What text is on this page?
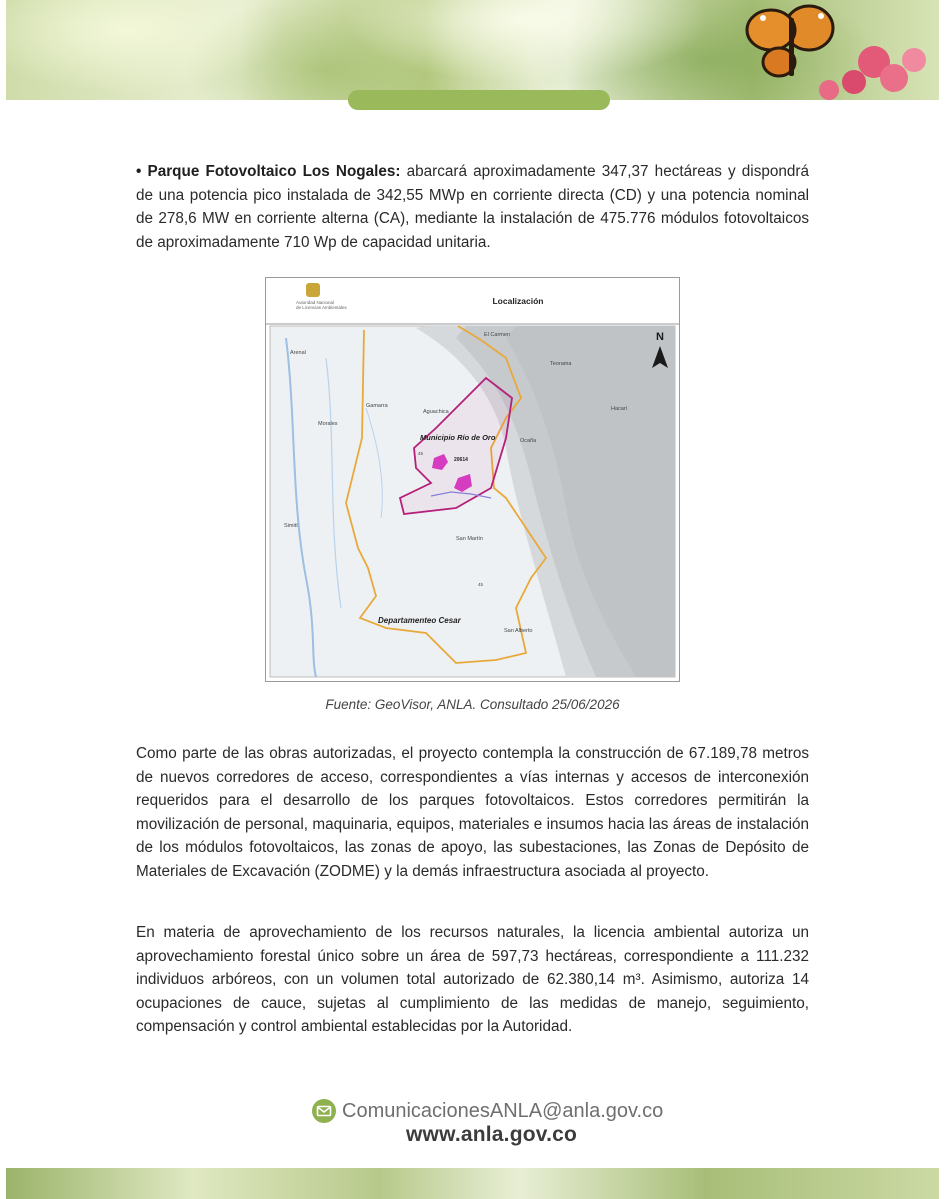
• Parque Fotovoltaico Los Nogales: abarcará aproximadamente 347,37 hectáreas y dispondrá de una potencia pico instalada de 342,55 MWp en corriente directa (CD) y una potencia nominal de 278,6 MW en corriente alterna (CA), mediante la instalación de 475.776 módulos fotovoltaicos de aproximadamente 710 Wp de capacidad unitaria.

Autoridad Nacional
de Licencias Ambientales
Localización
N
El Carmen
Arenal
Teorama
Gamarra
Aguachica	Hacarí
Morales
Municipio Río de Oro	Ocaña
20614
45
Simití
San Martín
45
Departamenteo Cesar
San Alberto
Fuente: GeoVisor, ANLA. Consultado 25/06/2026

Como parte de las obras autorizadas, el proyecto contempla la construcción de 67.189,78 metros de nuevos corredores de acceso, correspondientes a vías internas y accesos de interconexión requeridos para el desarrollo de los parques fotovoltaicos. Estos corredores permitirán la movilización de personal, maquinaria, equipos, materiales e insumos hacia las áreas de instalación de los módulos fotovoltaicos, las zonas de apoyo, las subestaciones, las Zonas de Depósito de Materiales de Excavación (ZODME) y la demás infraestructura asociada al proyecto.

En materia de aprovechamiento de los recursos naturales, la licencia ambiental autoriza un aprovechamiento forestal único sobre un área de 597,73 hectáreas, correspondiente a 111.232 individuos arbóreos, con un volumen total autorizado de 62.380,14 m³. Asimismo, autoriza 14 ocupaciones de cauce, sujetas al cumplimiento de las medidas de manejo, seguimiento, compensación y control ambiental establecidas por la Autoridad.

ComunicacionesANLA@anla.gov.co
www.anla.gov.co
